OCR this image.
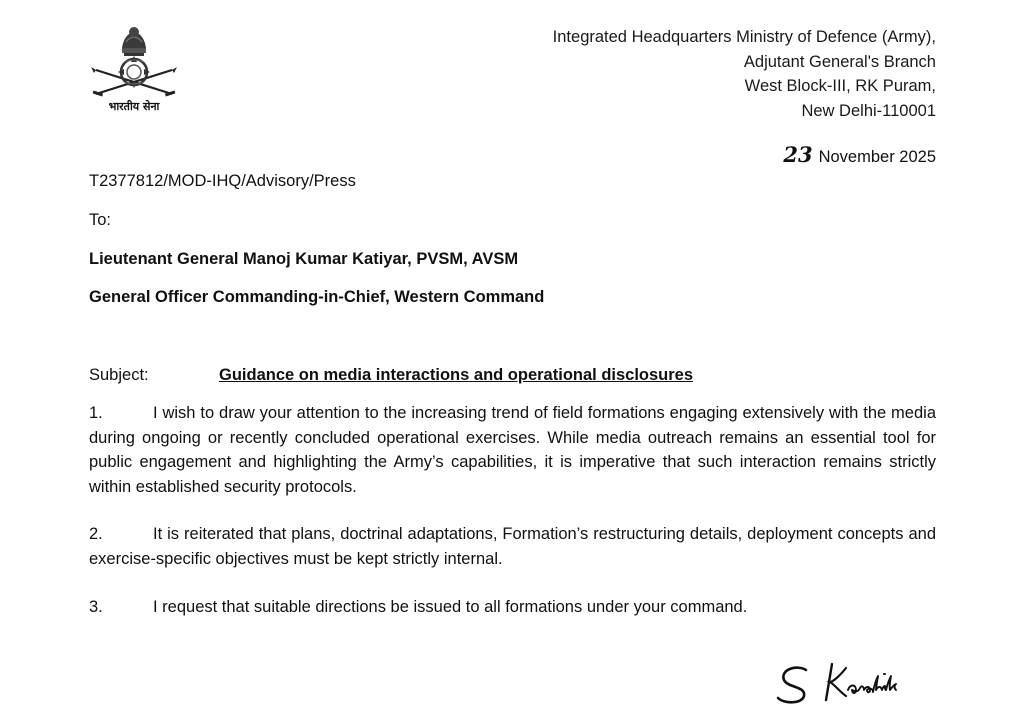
भारतीय सेना
Integrated Headquarters Ministry of Defence (Army),
Adjutant General's Branch
West Block-III, RK Puram,
New Delhi-110001
23 November 2025
T2377812/MOD-IHQ/Advisory/Press
To:
Lieutenant General Manoj Kumar Katiyar, PVSM, AVSM
General Officer Commanding-in-Chief, Western Command
Subject:	Guidance on media interactions and operational disclosures
1.	I wish to draw your attention to the increasing trend of field formations engaging extensively with the media during ongoing or recently concluded operational exercises. While media outreach remains an essential tool for public engagement and highlighting the Army’s capabilities, it is imperative that such interaction remains strictly within established security protocols.
2.	It is reiterated that plans, doctrinal adaptations, Formation’s restructuring details, deployment concepts and exercise-specific objectives must be kept strictly internal.
3.	I request that suitable directions be issued to all formations under your command.
